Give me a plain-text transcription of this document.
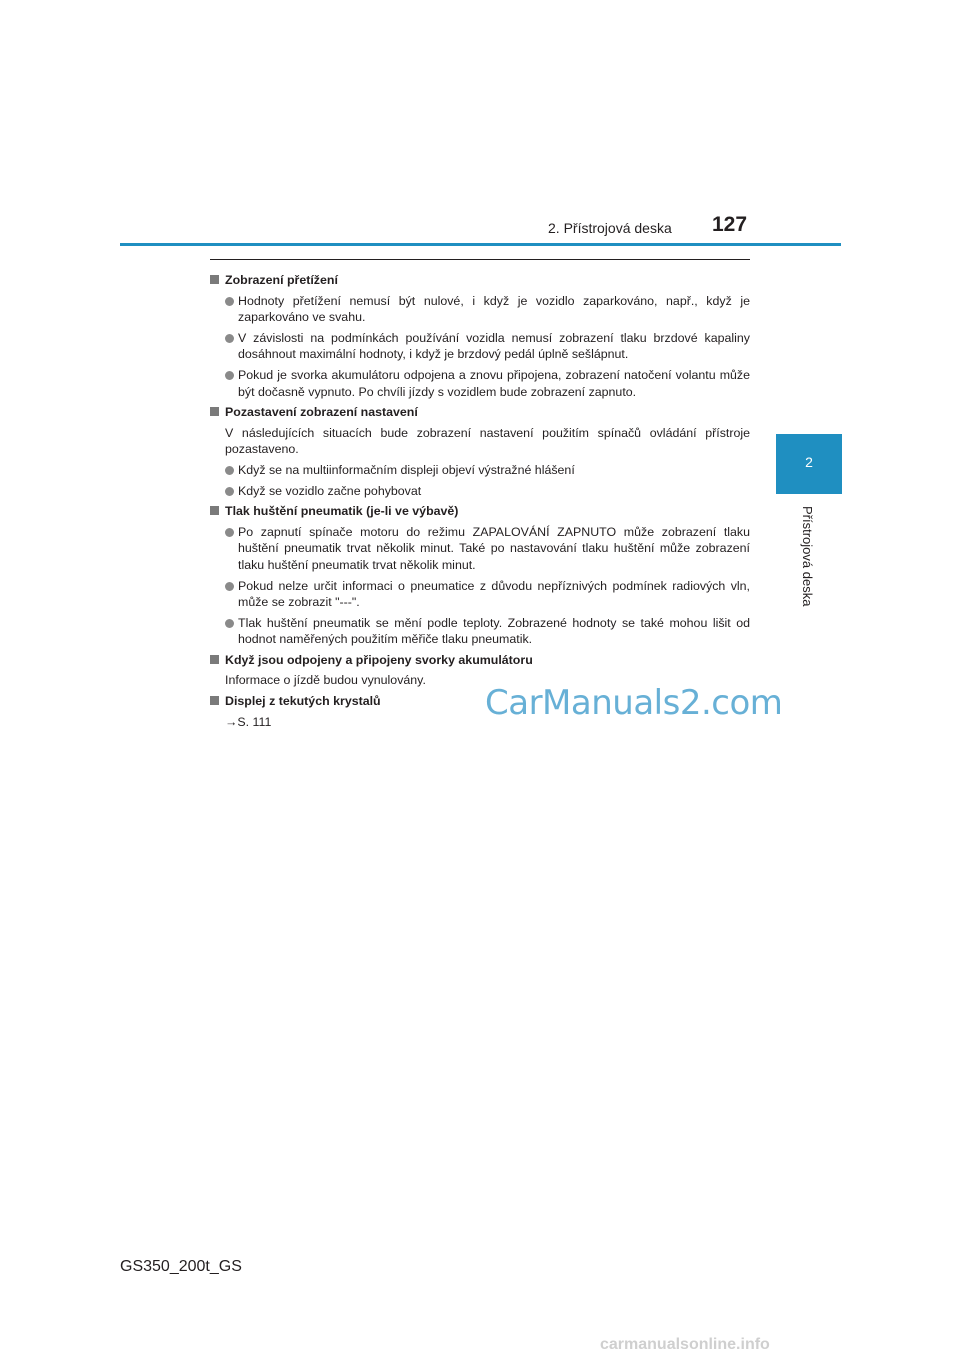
2. Přístrojová deska 127
2
Přístrojová deska
Zobrazení přetížení
Hodnoty přetížení nemusí být nulové, i když je vozidlo zaparkováno, např., když je zaparkováno ve svahu.
V závislosti na podmínkách používání vozidla nemusí zobrazení tlaku brzdové kapaliny dosáhnout maximální hodnoty, i když je brzdový pedál úplně sešlápnut.
Pokud je svorka akumulátoru odpojena a znovu připojena, zobrazení natočení volantu může být dočasně vypnuto. Po chvíli jízdy s vozidlem bude zobrazení zapnuto.
Pozastavení zobrazení nastavení
V následujících situacích bude zobrazení nastavení použitím spínačů ovládání přístroje pozastaveno.
Když se na multiinformačním displeji objeví výstražné hlášení
Když se vozidlo začne pohybovat
Tlak huštění pneumatik (je-li ve výbavě)
Po zapnutí spínače motoru do režimu ZAPALOVÁNÍ ZAPNUTO může zobrazení tlaku huštění pneumatik trvat několik minut. Také po nastavování tlaku huštění může zobrazení tlaku huštění pneumatik trvat několik minut.
Pokud nelze určit informaci o pneumatice z důvodu nepříznivých podmínek radiových vln, může se zobrazit "---".
Tlak huštění pneumatik se mění podle teploty. Zobrazené hodnoty se také mohou lišit od hodnot naměřených použitím měřiče tlaku pneumatik.
Když jsou odpojeny a připojeny svorky akumulátoru
Informace o jízdě budou vynulovány.
Displej z tekutých krystalů
→S. 111	CarManuals2.com
GS350_200t_GS
carmanualsonline.info
